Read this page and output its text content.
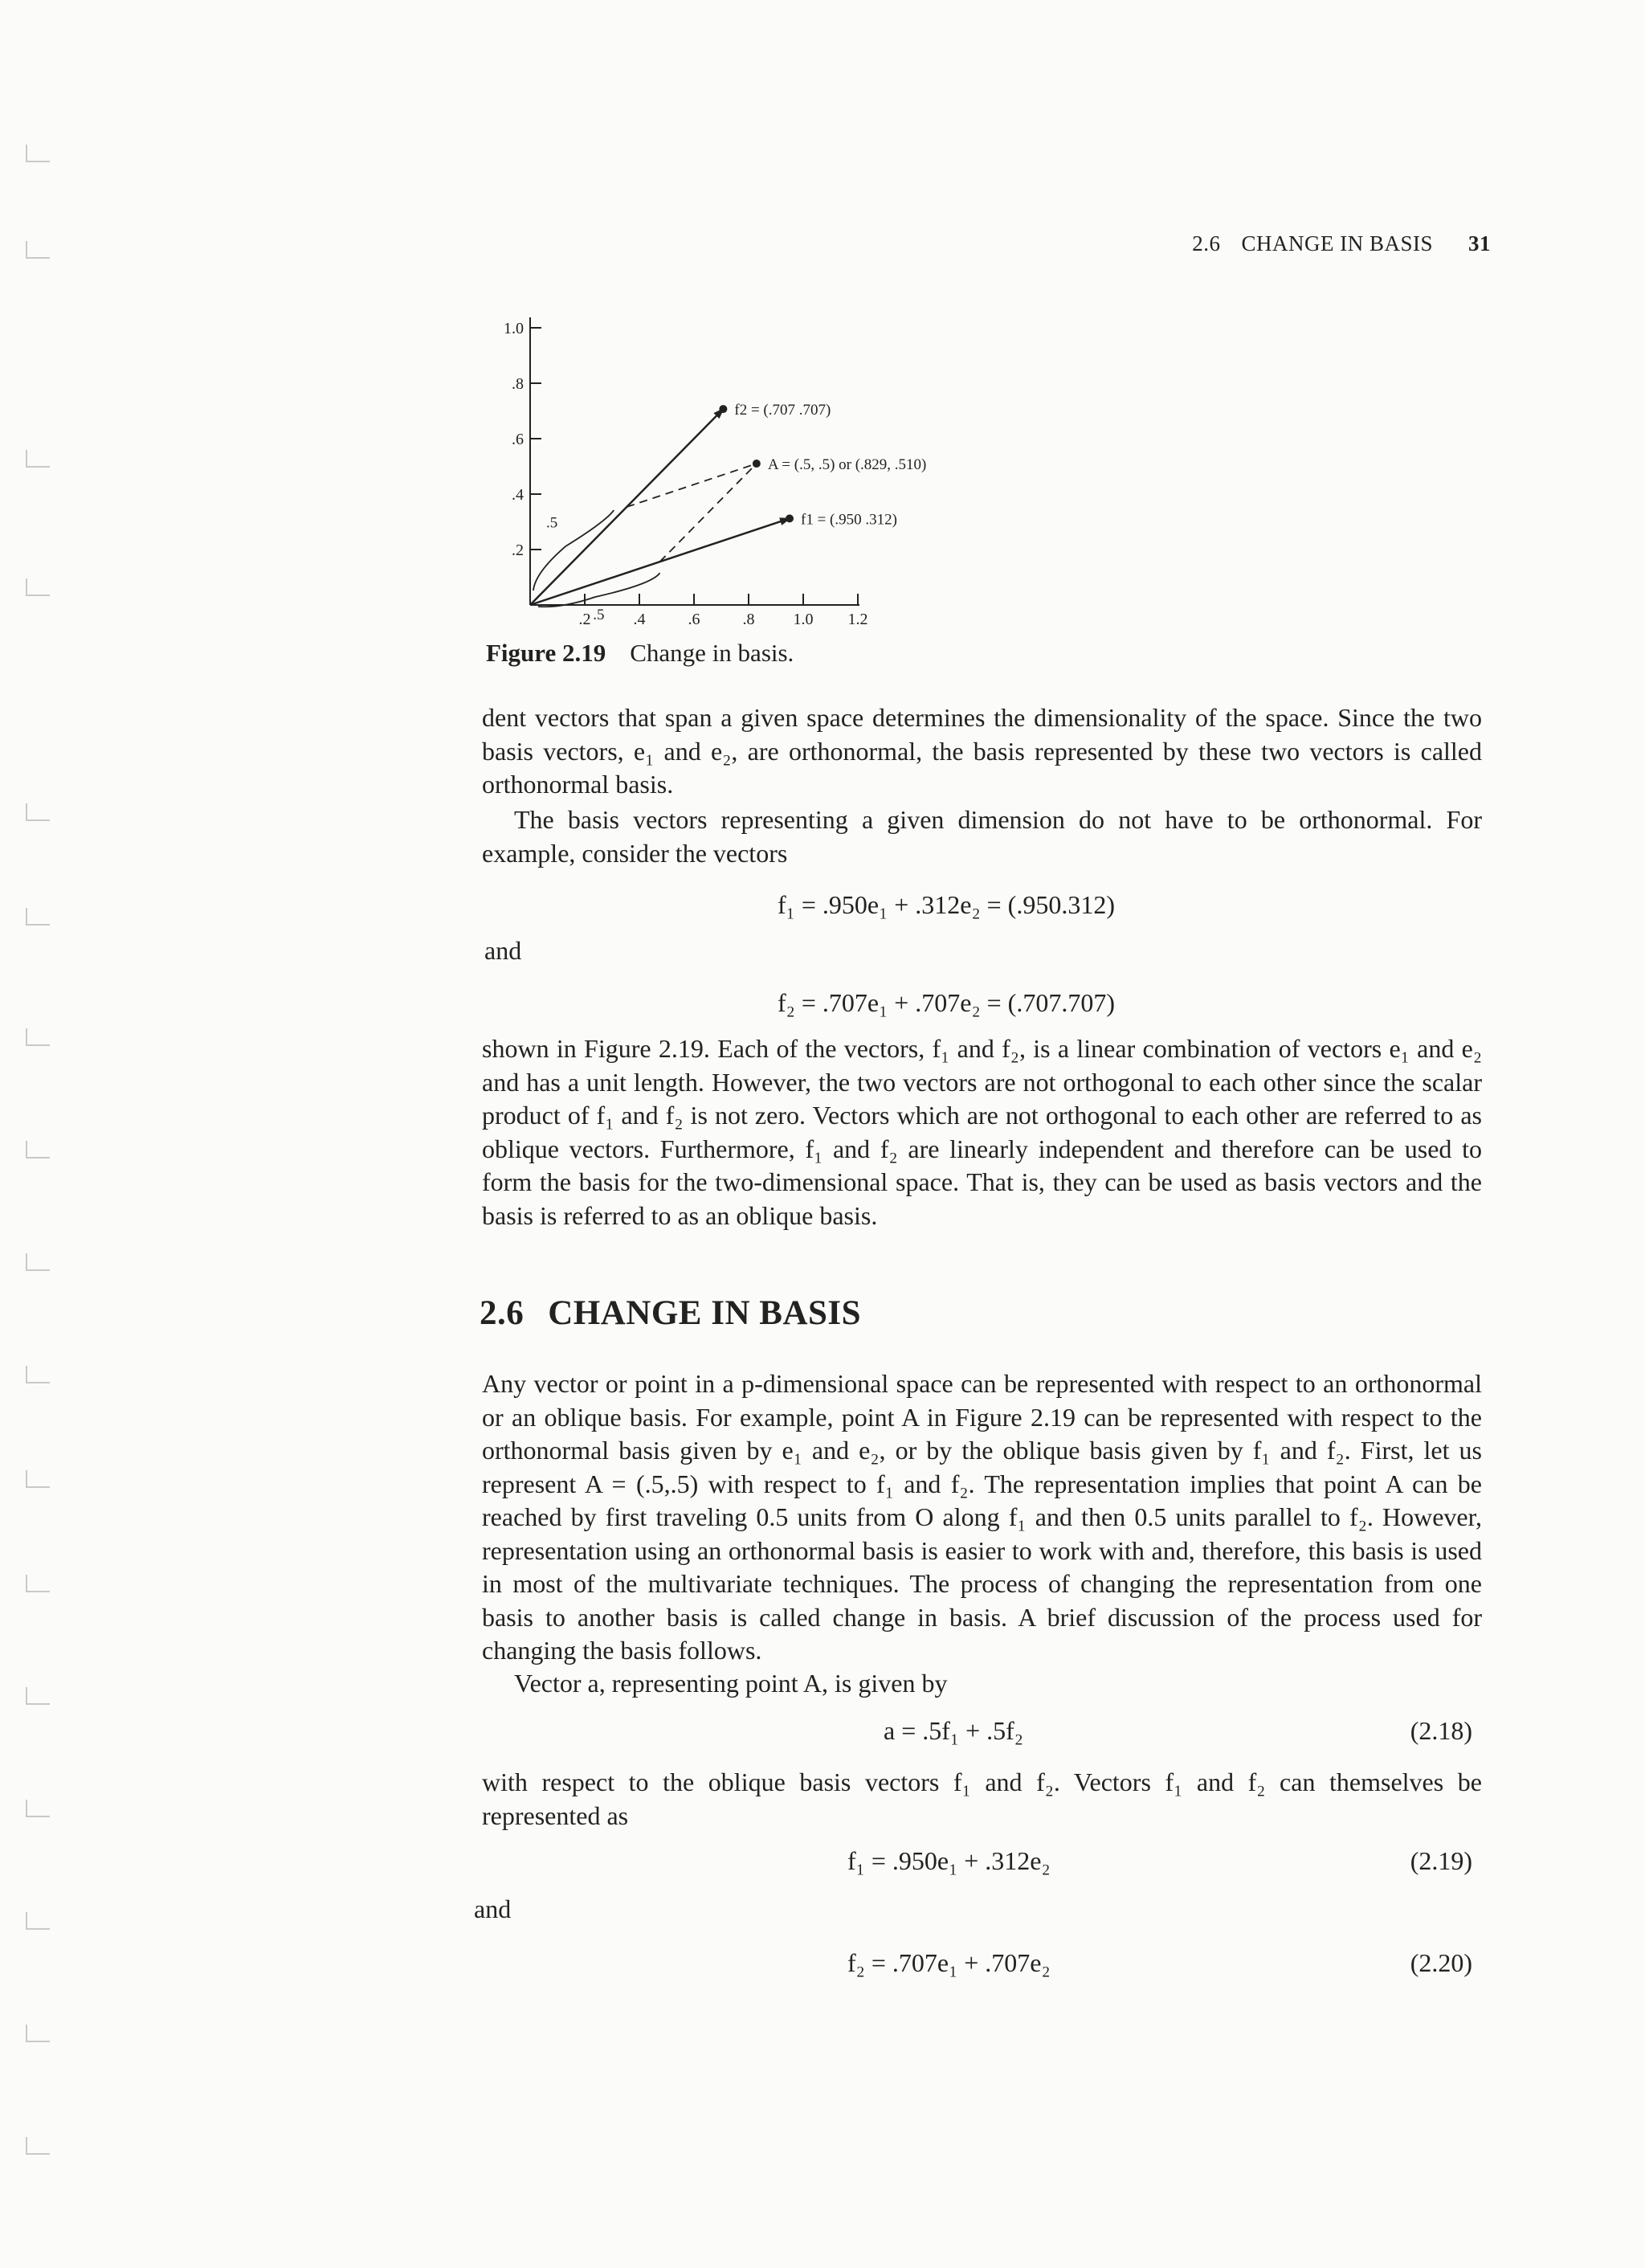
2.6 CHANGE IN BASIS 31
1.0
.8
.6
.4
.2
.2	.4	.6	.8 1.0 1.2
f2 = (.707 .707)
A = (.5, .5) or (.829, .510)
f1 = (.950 .312)
.5
.5
Figure 2.19 Change in basis.

dent vectors that span a given space determines the dimensionality of the space. Since the two basis vectors, e₁ and e₂, are orthonormal, the basis represented by these two vectors is called orthonormal basis.

The basis vectors representing a given dimension do not have to be orthonormal. For example, consider the vectors

f₁ = .950e₁ + .312e₂ = (.950.312)
and
f₂ = .707e₁ + .707e₂ = (.707.707)

shown in Figure 2.19. Each of the vectors, f₁ and f₂, is a linear combination of vectors e₁ and e₂ and has a unit length. However, the two vectors are not orthogonal to each other since the scalar product of f₁ and f₂ is not zero. Vectors which are not orthogonal to each other are referred to as oblique vectors. Furthermore, f₁ and f₂ are linearly independent and therefore can be used to form the basis for the two-dimensional space. That is, they can be used as basis vectors and the basis is referred to as an oblique basis.

2.6 CHANGE IN BASIS

Any vector or point in a p-dimensional space can be represented with respect to an orthonormal or an oblique basis. For example, point A in Figure 2.19 can be represented with respect to the orthonormal basis given by e₁ and e₂, or by the oblique basis given by f₁ and f₂. First, let us represent A = (.5,.5) with respect to f₁ and f₂. The representation implies that point A can be reached by first traveling 0.5 units from O along f₁ and then 0.5 units parallel to f₂. However, representation using an orthonormal basis is easier to work with and, therefore, this basis is used in most of the multivariate techniques. The process of changing the representation from one basis to another basis is called change in basis. A brief discussion of the process used for changing the basis follows.

Vector a, representing point A, is given by

a = .5f₁ + .5f₂	(2.18)

with respect to the oblique basis vectors f₁ and f₂. Vectors f₁ and f₂ can themselves be represented as

f₁ = .950e₁ + .312e₂	(2.19)
and
f₂ = .707e₁ + .707e₂	(2.20)
